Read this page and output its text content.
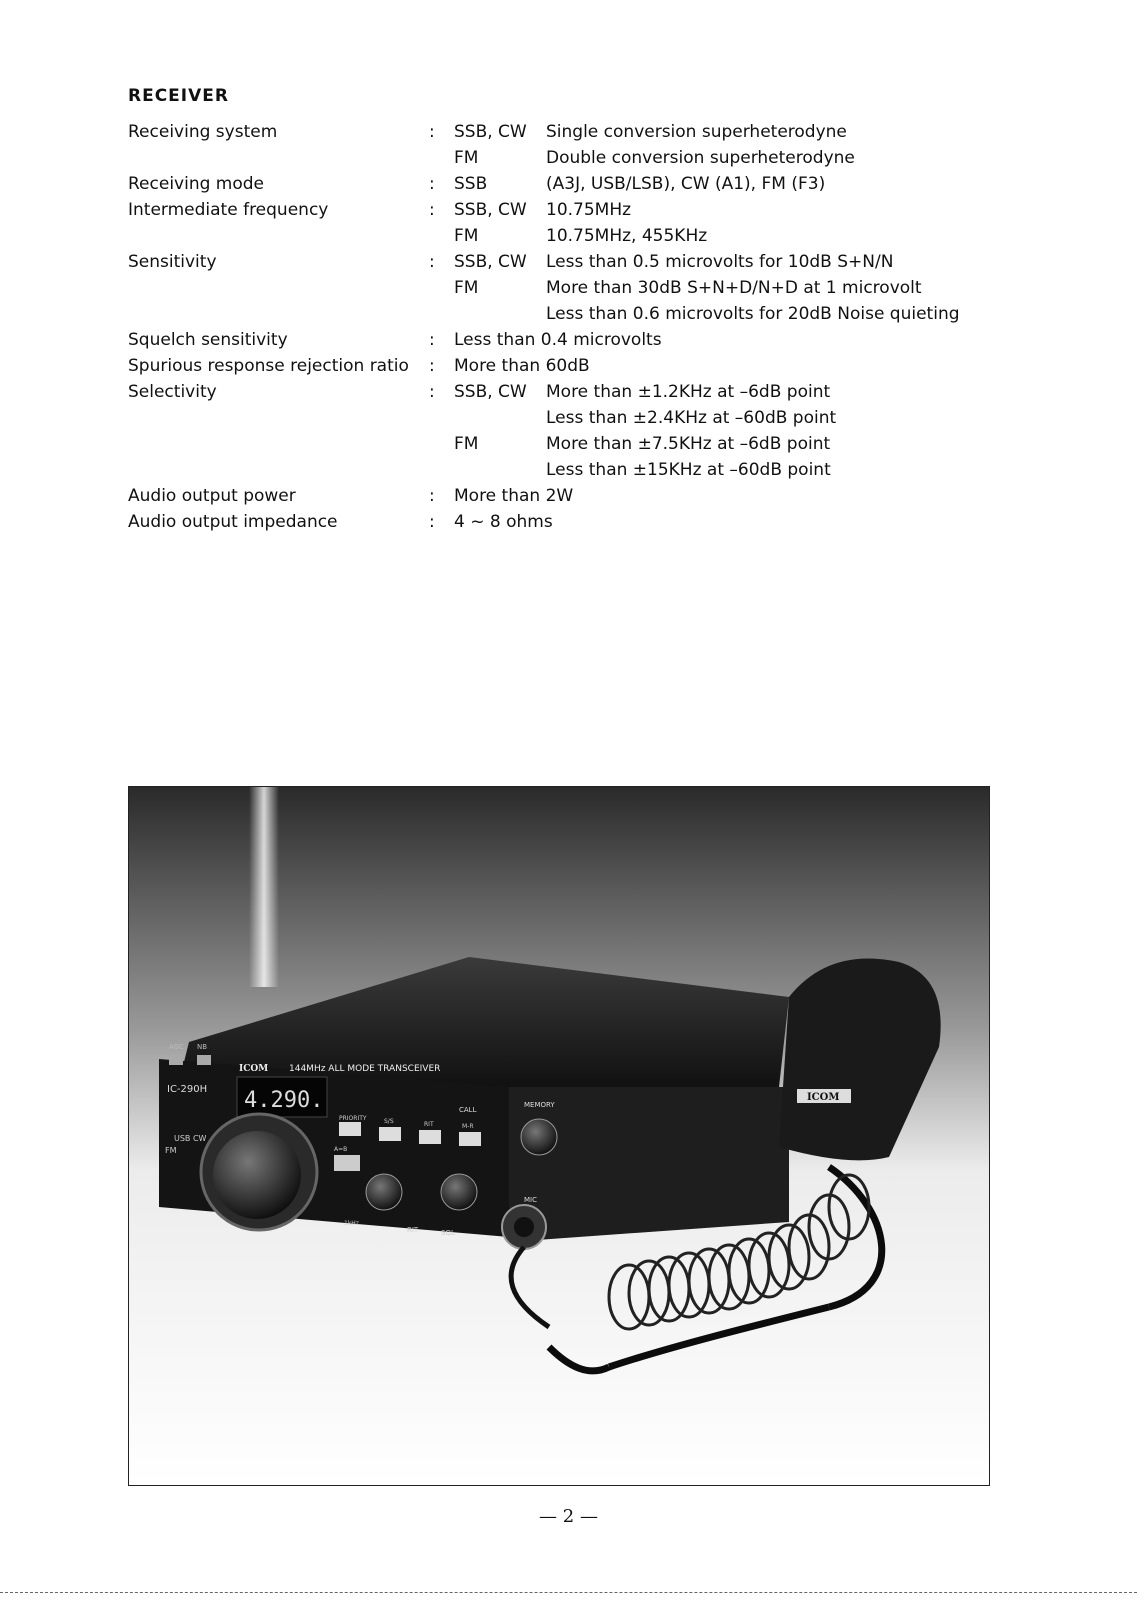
RECEIVER
Receiving system	: SSB, CW Single conversion superheterodyne
FM	Double conversion superheterodyne
Receiving mode	: SSB	(A3J, USB/LSB), CW (A1), FM (F3)
Intermediate frequency	: SSB, CW 10.75MHz
FM	10.75MHz, 455KHz
Sensitivity	: SSB, CW Less than 0.5 microvolts for 10dB S+N/N
FM	More than 30dB S+N+D/N+D at 1 microvolt
Less than 0.6 microvolts for 20dB Noise quieting
Squelch sensitivity	: Less than 0.4 microvolts
Spurious response rejection ratio : More than 60dB
Selectivity	: SSB, CW More than ±1.2KHz at –6dB point
Less than ±2.4KHz at –60dB point
FM	More than ±7.5KHz at –6dB point
Less than ±15KHz at –60dB point
Audio output power	: More than 2W
Audio output impedance	: 4 ~ 8 ohms
4.290.
144MHz ALL MODE TRANSCEIVER
ICOM
IC-290H
AGC NB
USB CW
FM
PRIORITY	S/S	RIT	M-R
A=B
1kHz
RIT	SQL
MEMORY
MIC
CALL
ICOM
— 2 —
